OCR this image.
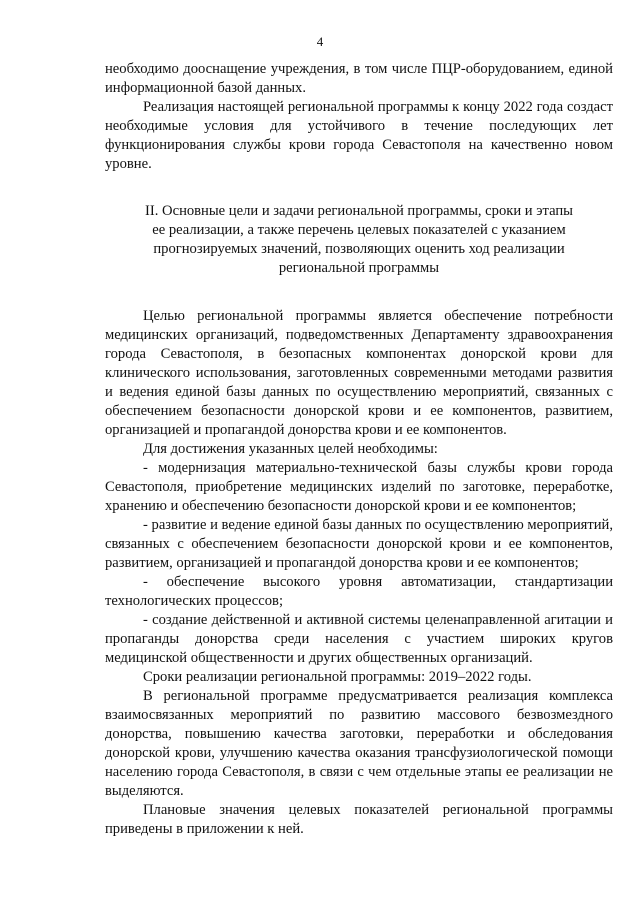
4

необходимо дооснащение учреждения, в том числе ПЦР-оборудованием, единой информационной базой данных.

Реализация настоящей региональной программы к концу 2022 года создаст необходимые условия для устойчивого в течение последующих лет функционирования службы крови города Севастополя на качественно новом уровне.

II. Основные цели и задачи региональной программы, сроки и этапы
ее реализации, а также перечень целевых показателей с указанием
прогнозируемых значений, позволяющих оценить ход реализации
региональной программы

Целью региональной программы является обеспечение потребности медицинских организаций, подведомственных Департаменту здравоохранения города Севастополя, в безопасных компонентах донорской крови для клинического использования, заготовленных современными методами развития и ведения единой базы данных по осуществлению мероприятий, связанных с обеспечением безопасности донорской крови и ее компонентов, развитием, организацией и пропагандой донорства крови и ее компонентов.

Для достижения указанных целей необходимы:

- модернизация материально-технической базы службы крови города Севастополя, приобретение медицинских изделий по заготовке, переработке, хранению и обеспечению безопасности донорской крови и ее компонентов;

- развитие и ведение единой базы данных по осуществлению мероприятий, связанных с обеспечением безопасности донорской крови и ее компонентов, развитием, организацией и пропагандой донорства крови и ее компонентов;

- обеспечение высокого уровня автоматизации, стандартизации технологических процессов;

- создание действенной и активной системы целенаправленной агитации и пропаганды донорства среди населения с участием широких кругов медицинской общественности и других общественных организаций.

Сроки реализации региональной программы: 2019–2022 годы.

В региональной программе предусматривается реализация комплекса взаимосвязанных мероприятий по развитию массового безвозмездного донорства, повышению качества заготовки, переработки и обследования донорской крови, улучшению качества оказания трансфузиологической помощи населению города Севастополя, в связи с чем отдельные этапы ее реализации не выделяются.

Плановые значения целевых показателей региональной программы приведены в приложении к ней.
